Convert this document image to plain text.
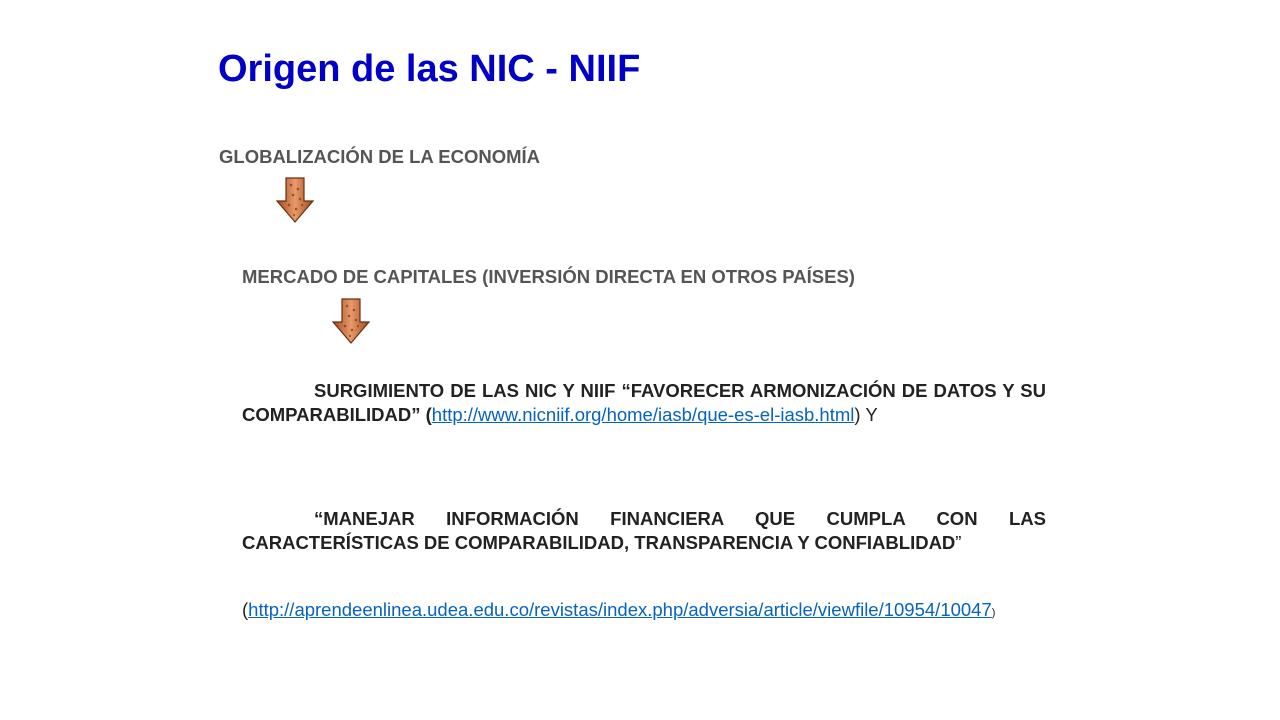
Origen de las NIC - NIIF

GLOBALIZACIÓN DE LA ECONOMÍA

MERCADO DE CAPITALES (INVERSIÓN DIRECTA EN OTROS PAÍSES)

SURGIMIENTO DE LAS NIC Y NIIF “FAVORECER ARMONIZACIÓN DE DATOS Y SU COMPARABILIDAD” (http://www.nicniif.org/home/iasb/que-es-el-iasb.html) Y

“MANEJAR INFORMACIÓN FINANCIERA QUE CUMPLA CON LAS CARACTERÍSTICAS DE COMPARABILIDAD, TRANSPARENCIA Y CONFIABLIDAD”

(http://aprendeenlinea.udea.edu.co/revistas/index.php/adversia/article/viewfile/10954/10047)
